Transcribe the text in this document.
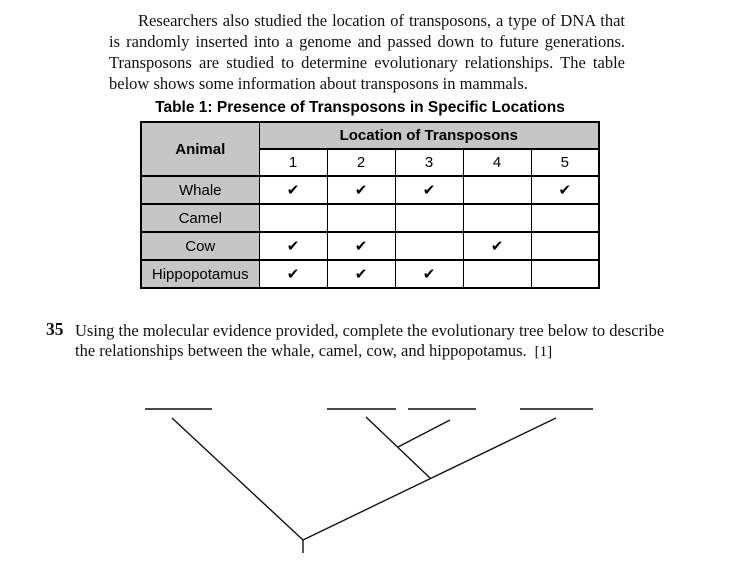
Researchers also studied the location of transposons, a type of DNA that is randomly inserted into a genome and passed down to future generations. Transposons are studied to determine evolutionary relationships. The table below shows some information about transposons in mammals.

Table 1: Presence of Transposons in Specific Locations
Animal	Location of Transposons				
	1	2	3	4	5
Whale	✔	✔	✔		✔
Camel					
Cow	✔	✔		✔	
Hippopotamus	✔	✔	✔		
35 Using the molecular evidence provided, complete the evolutionary tree below to describe the relationships between the whale, camel, cow, and hippopotamus. [1]
